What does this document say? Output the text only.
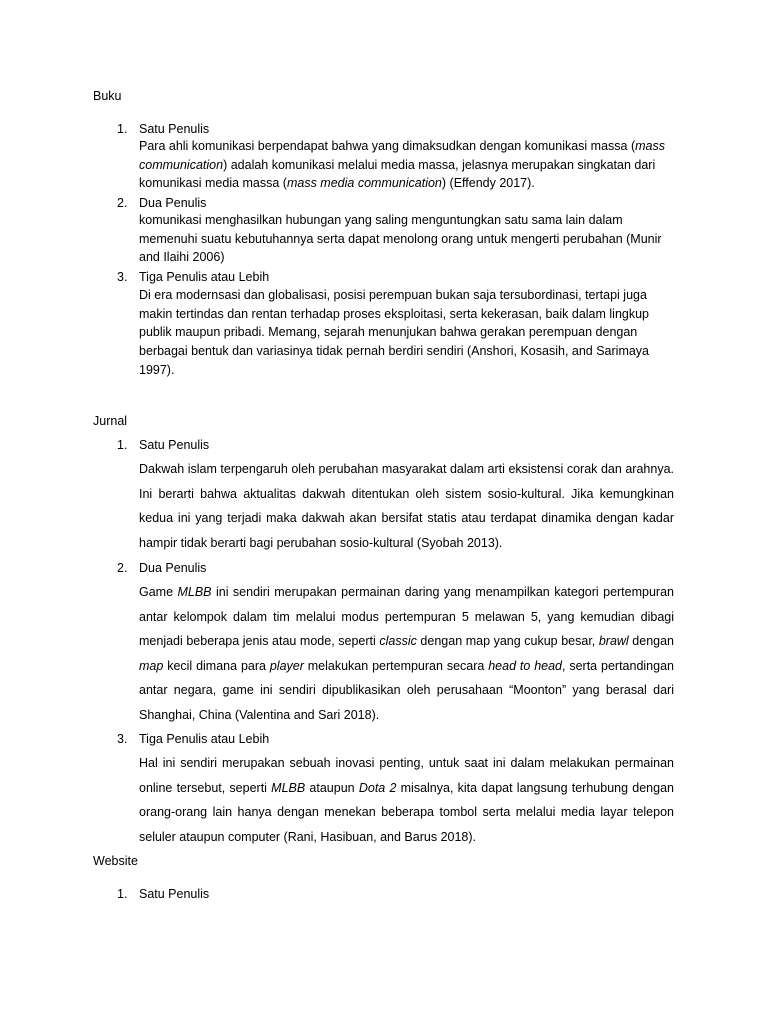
Buku
1. Satu Penulis
Para ahli komunikasi berpendapat bahwa yang dimaksudkan dengan komunikasi massa (mass communication) adalah komunikasi melalui media massa, jelasnya merupakan singkatan dari komunikasi media massa (mass media communication) (Effendy 2017).
2. Dua Penulis
komunikasi menghasilkan hubungan yang saling menguntungkan satu sama lain dalam memenuhi suatu kebutuhannya serta dapat menolong orang untuk mengerti perubahan (Munir and Ilaihi 2006)
3. Tiga Penulis atau Lebih
Di era modernsasi dan globalisasi, posisi perempuan bukan saja tersubordinasi, tertapi juga makin tertindas dan rentan terhadap proses eksploitasi, serta kekerasan, baik dalam lingkup publik maupun pribadi. Memang, sejarah menunjukan bahwa gerakan perempuan dengan berbagai bentuk dan variasinya tidak pernah berdiri sendiri (Anshori, Kosasih, and Sarimaya 1997).
Jurnal
1. Satu Penulis
Dakwah islam terpengaruh oleh perubahan masyarakat dalam arti eksistensi corak dan arahnya. Ini berarti bahwa aktualitas dakwah ditentukan oleh sistem sosio-kultural. Jika kemungkinan kedua ini yang terjadi maka dakwah akan bersifat statis atau terdapat dinamika dengan kadar hampir tidak berarti bagi perubahan sosio-kultural (Syobah 2013).
2. Dua Penulis
Game MLBB ini sendiri merupakan permainan daring yang menampilkan kategori pertempuran antar kelompok dalam tim melalui modus pertempuran 5 melawan 5, yang kemudian dibagi menjadi beberapa jenis atau mode, seperti classic dengan map yang cukup besar, brawl dengan map kecil dimana para player melakukan pertempuran secara head to head, serta pertandingan antar negara, game ini sendiri dipublikasikan oleh perusahaan “Moonton” yang berasal dari Shanghai, China (Valentina and Sari 2018).
3. Tiga Penulis atau Lebih
Hal ini sendiri merupakan sebuah inovasi penting, untuk saat ini dalam melakukan permainan online tersebut, seperti MLBB ataupun Dota 2 misalnya, kita dapat langsung terhubung dengan orang-orang lain hanya dengan menekan beberapa tombol serta melalui media layar telepon seluler ataupun computer (Rani, Hasibuan, and Barus 2018).
Website
1. Satu Penulis
